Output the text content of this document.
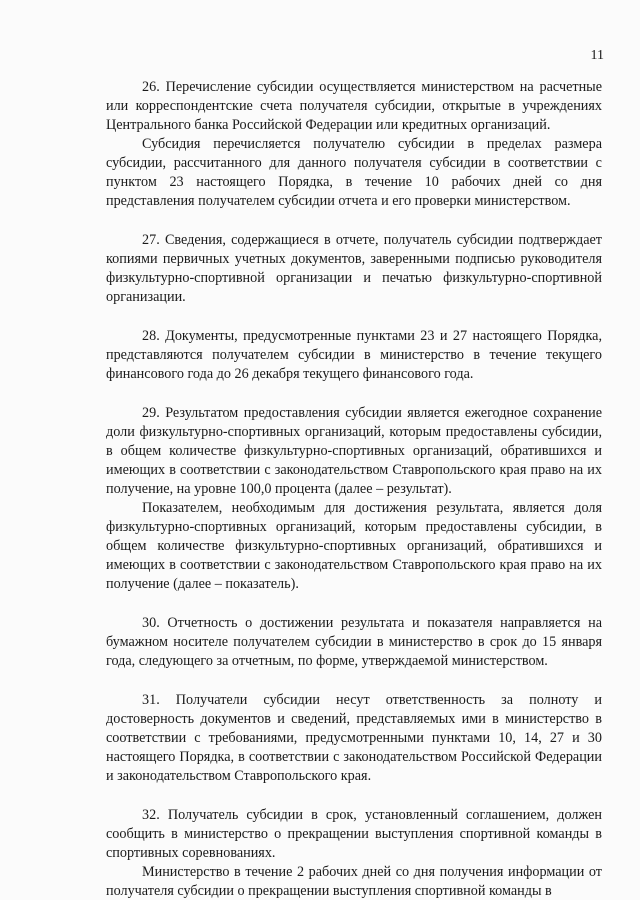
11

26. Перечисление субсидии осуществляется министерством на расчетные или корреспондентские счета получателя субсидии, открытые в учреждениях Центрального банка Российской Федерации или кредитных организаций.

Субсидия перечисляется получателю субсидии в пределах размера субсидии, рассчитанного для данного получателя субсидии в соответствии с пунктом 23 настоящего Порядка, в течение 10 рабочих дней со дня представления получателем субсидии отчета и его проверки министерством.

27. Сведения, содержащиеся в отчете, получатель субсидии подтверждает копиями первичных учетных документов, заверенными подписью руководителя физкультурно-спортивной организации и печатью физкультурно-спортивной организации.

28. Документы, предусмотренные пунктами 23 и 27 настоящего Порядка, представляются получателем субсидии в министерство в течение текущего финансового года до 26 декабря текущего финансового года.

29. Результатом предоставления субсидии является ежегодное сохранение доли физкультурно-спортивных организаций, которым предоставлены субсидии, в общем количестве физкультурно-спортивных организаций, обратившихся и имеющих в соответствии с законодательством Ставропольского края право на их получение, на уровне 100,0 процента (далее – результат).

Показателем, необходимым для достижения результата, является доля физкультурно-спортивных организаций, которым предоставлены субсидии, в общем количестве физкультурно-спортивных организаций, обратившихся и имеющих в соответствии с законодательством Ставропольского края право на их получение (далее – показатель).

30. Отчетность о достижении результата и показателя направляется на бумажном носителе получателем субсидии в министерство в срок до 15 января года, следующего за отчетным, по форме, утверждаемой министерством.

31. Получатели субсидии несут ответственность за полноту и достоверность документов и сведений, представляемых ими в министерство в соответствии с требованиями, предусмотренными пунктами 10, 14, 27 и 30 настоящего Порядка, в соответствии с законодательством Российской Федерации и законодательством Ставропольского края.

32. Получатель субсидии в срок, установленный соглашением, должен сообщить в министерство о прекращении выступления спортивной команды в спортивных соревнованиях.

Министерство в течение 2 рабочих дней со дня получения информации от получателя субсидии о прекращении выступления спортивной команды в
